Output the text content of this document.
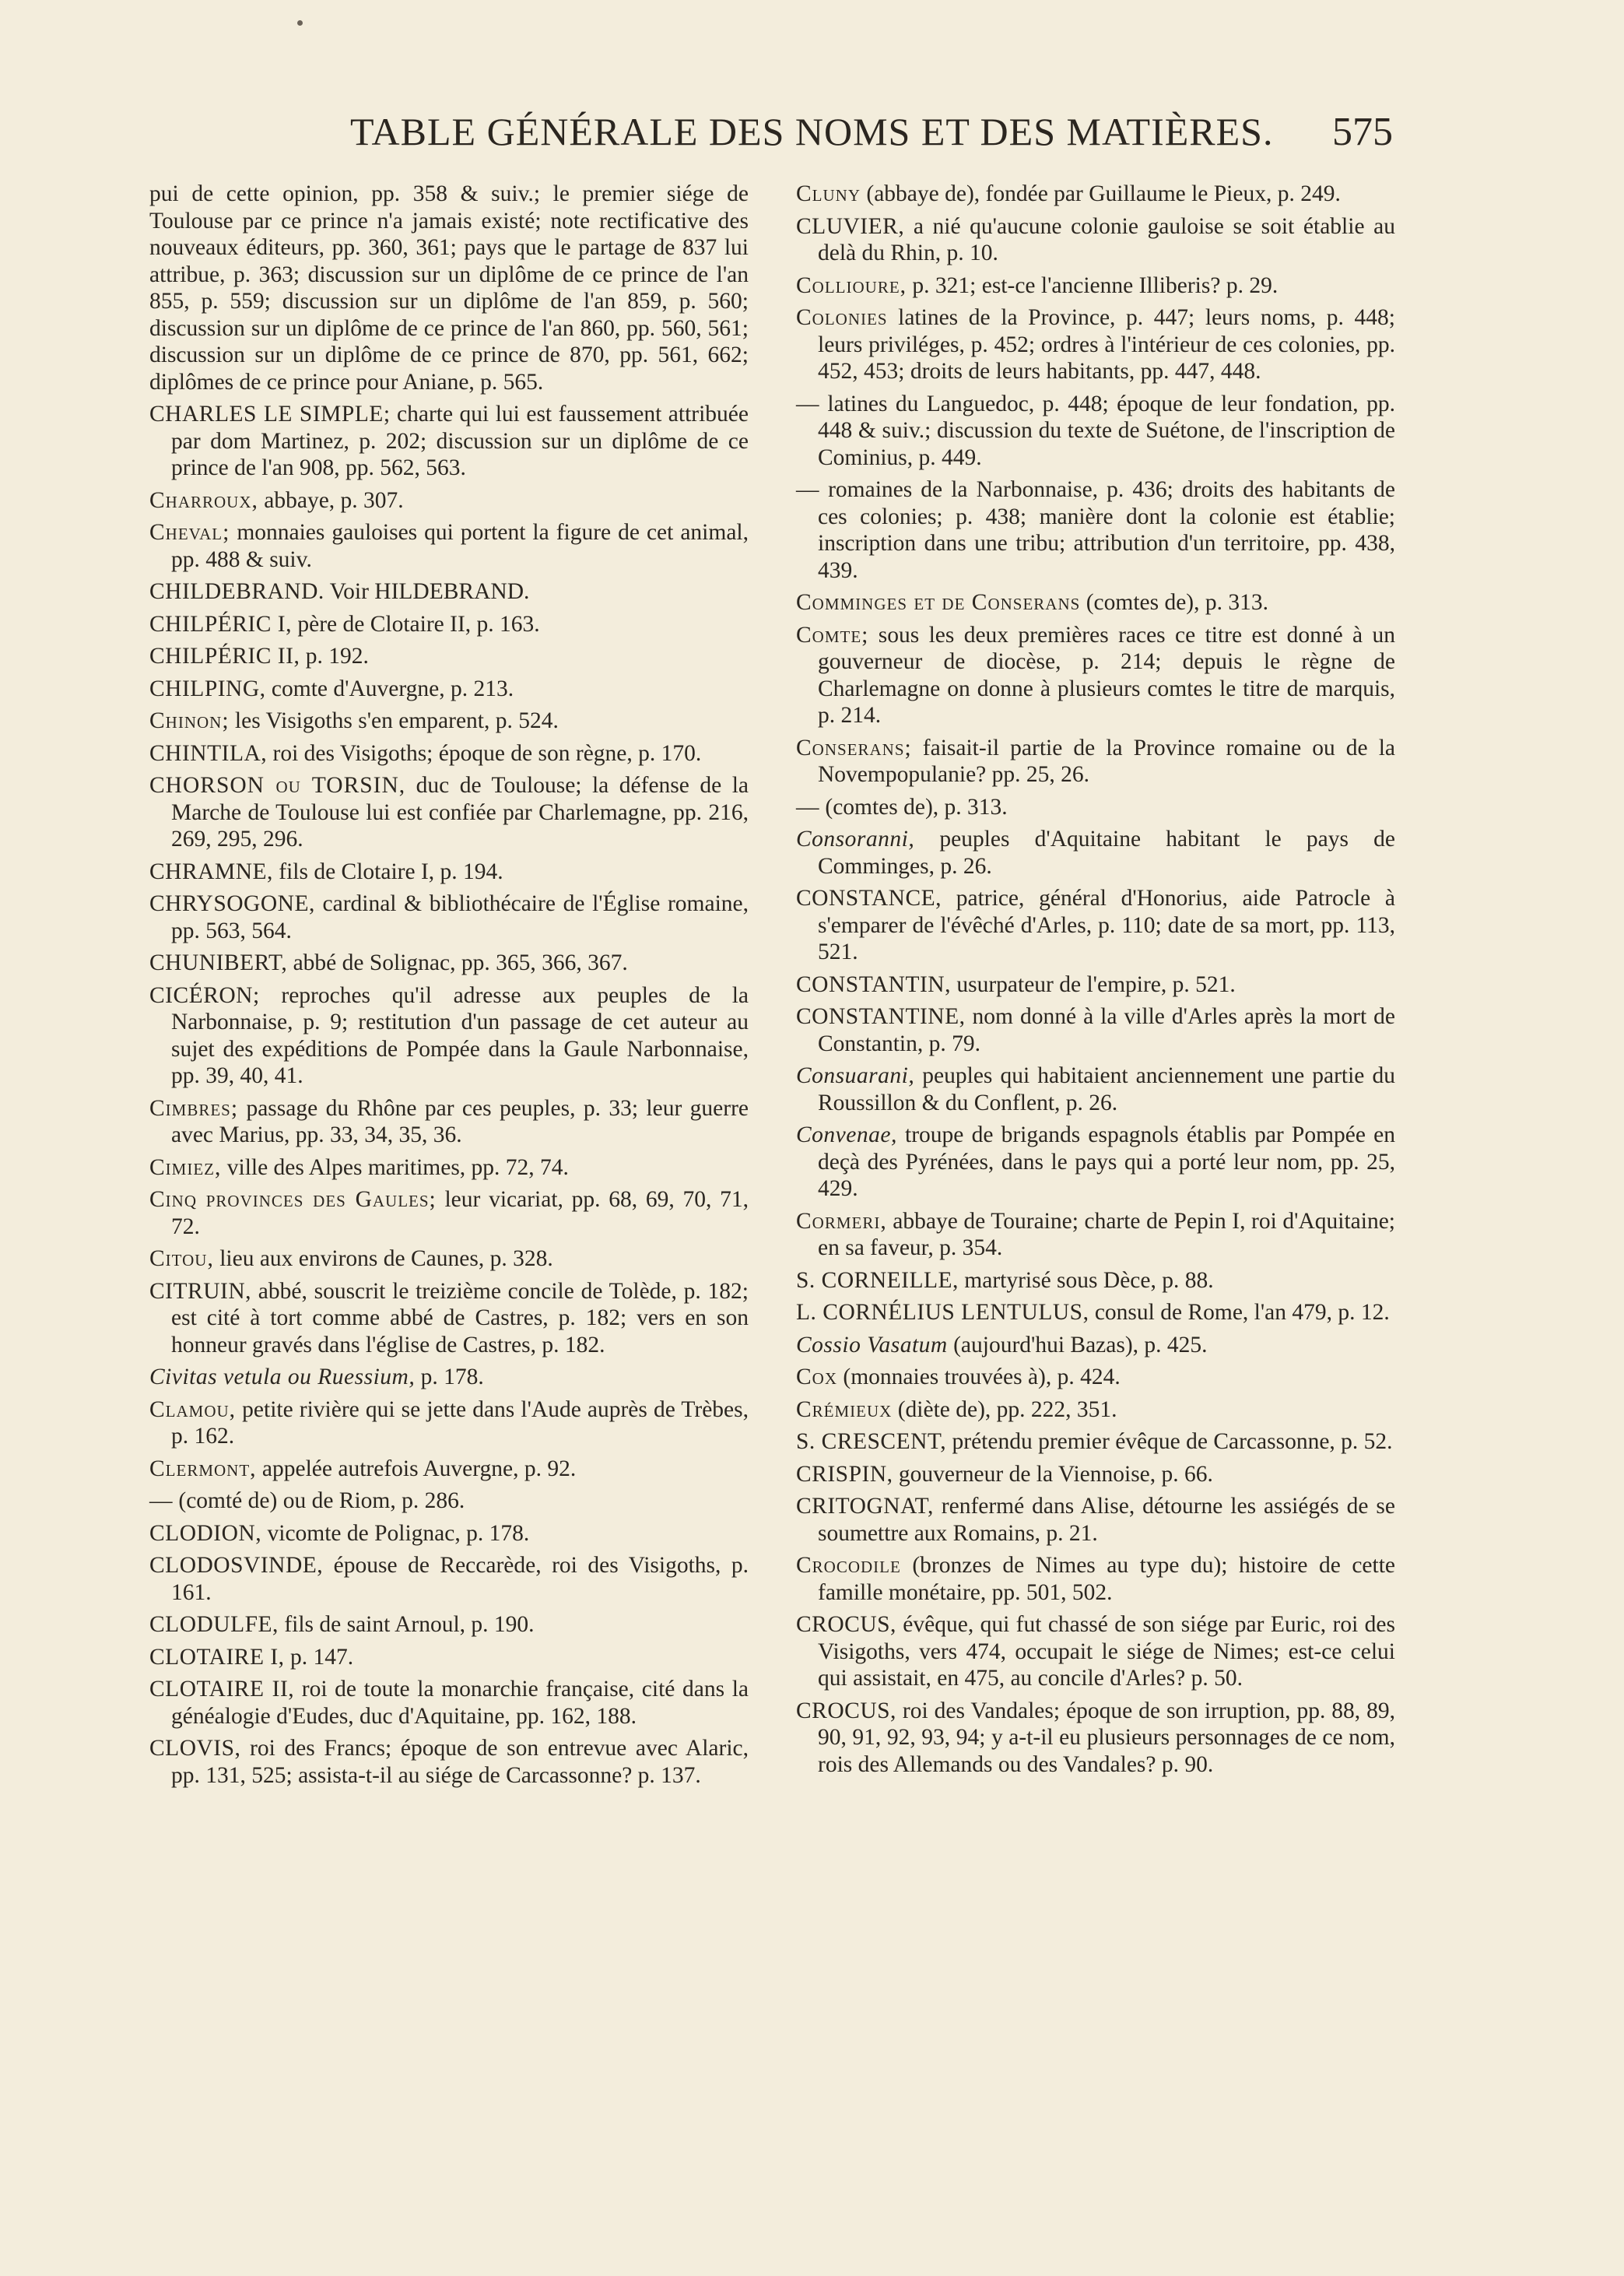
TABLE GÉNÉRALE DES NOMS ET DES MATIÈRES. 575
pui de cette opinion, pp. 358 & suiv.; le premier siége de Toulouse par ce prince n'a jamais existé; note rectificative des nouveaux éditeurs, pp. 360, 361; pays que le partage de 837 lui attribue, p. 363; discussion sur un diplôme de ce prince de l'an 855, p. 559; discussion sur un diplôme de l'an 859, p. 560; discussion sur un diplôme de ce prince de l'an 860, pp. 560, 561; discussion sur un diplôme de ce prince de 870, pp. 561, 662; diplômes de ce prince pour Aniane, p. 565.
CHARLES LE SIMPLE; charte qui lui est faussement attribuée par dom Martinez, p. 202; discussion sur un diplôme de ce prince de l'an 908, pp. 562, 563.
Charroux, abbaye, p. 307.
Cheval; monnaies gauloises qui portent la figure de cet animal, pp. 488 & suiv.
CHILDEBRAND. Voir HILDEBRAND.
CHILPÉRIC I, père de Clotaire II, p. 163.
CHILPÉRIC II, p. 192.
CHILPING, comte d'Auvergne, p. 213.
Chinon; les Visigoths s'en emparent, p. 524.
CHINTILA, roi des Visigoths; époque de son règne, p. 170.
CHORSON ou TORSIN, duc de Toulouse; la défense de la Marche de Toulouse lui est confiée par Charlemagne, pp. 216, 269, 295, 296.
CHRAMNE, fils de Clotaire I, p. 194.
CHRYSOGONE, cardinal & bibliothécaire de l'Église romaine, pp. 563, 564.
CHUNIBERT, abbé de Solignac, pp. 365, 366, 367.
CICÉRON; reproches qu'il adresse aux peuples de la Narbonnaise, p. 9; restitution d'un passage de cet auteur au sujet des expéditions de Pompée dans la Gaule Narbonnaise, pp. 39, 40, 41.
Cimbres; passage du Rhône par ces peuples, p. 33; leur guerre avec Marius, pp. 33, 34, 35, 36.
Cimiez, ville des Alpes maritimes, pp. 72, 74.
Cinq provinces des Gaules; leur vicariat, pp. 68, 69, 70, 71, 72.
Citou, lieu aux environs de Caunes, p. 328.
CITRUIN, abbé, souscrit le treizième concile de Tolède, p. 182; est cité à tort comme abbé de Castres, p. 182; vers en son honneur gravés dans l'église de Castres, p. 182.
Civitas vetula ou Ruessium, p. 178.
Clamou, petite rivière qui se jette dans l'Aude auprès de Trèbes, p. 162.
Clermont, appelée autrefois Auvergne, p. 92.
— (comté de) ou de Riom, p. 286.
CLODION, vicomte de Polignac, p. 178.
CLODOSVINDE, épouse de Reccarède, roi des Visigoths, p. 161.
CLODULFE, fils de saint Arnoul, p. 190.
CLOTAIRE I, p. 147.
CLOTAIRE II, roi de toute la monarchie française, cité dans la généalogie d'Eudes, duc d'Aquitaine, pp. 162, 188.
CLOVIS, roi des Francs; époque de son entrevue avec Alaric, pp. 131, 525; assista-t-il au siége de Carcassonne? p. 137.
Cluny (abbaye de), fondée par Guillaume le Pieux, p. 249.
CLUVIER, a nié qu'aucune colonie gauloise se soit établie au delà du Rhin, p. 10.
Collioure, p. 321; est-ce l'ancienne Illiberis? p. 29.
Colonies latines de la Province, p. 447; leurs noms, p. 448; leurs priviléges, p. 452; ordres à l'intérieur de ces colonies, pp. 452, 453; droits de leurs habitants, pp. 447, 448.
— latines du Languedoc, p. 448; époque de leur fondation, pp. 448 & suiv.; discussion du texte de Suétone, de l'inscription de Cominius, p. 449.
— romaines de la Narbonnaise, p. 436; droits des habitants de ces colonies; p. 438; manière dont la colonie est établie; inscription dans une tribu; attribution d'un territoire, pp. 438, 439.
Comminges et de Conserans (comtes de), p. 313.
Comte; sous les deux premières races ce titre est donné à un gouverneur de diocèse, p. 214; depuis le règne de Charlemagne on donne à plusieurs comtes le titre de marquis, p. 214.
Conserans; faisait-il partie de la Province romaine ou de la Novempopulanie? pp. 25, 26.
— (comtes de), p. 313.
Consoranni, peuples d'Aquitaine habitant le pays de Comminges, p. 26.
CONSTANCE, patrice, général d'Honorius, aide Patrocle à s'emparer de l'évêché d'Arles, p. 110; date de sa mort, pp. 113, 521.
CONSTANTIN, usurpateur de l'empire, p. 521.
CONSTANTINE, nom donné à la ville d'Arles après la mort de Constantin, p. 79.
Consuarani, peuples qui habitaient anciennement une partie du Roussillon & du Conflent, p. 26.
Convenae, troupe de brigands espagnols établis par Pompée en deçà des Pyrénées, dans le pays qui a porté leur nom, pp. 25, 429.
Cormeri, abbaye de Touraine; charte de Pepin I, roi d'Aquitaine; en sa faveur, p. 354.
S. CORNEILLE, martyrisé sous Dèce, p. 88.
L. CORNÉLIUS LENTULUS, consul de Rome, l'an 479, p. 12.
Cossio Vasatum (aujourd'hui Bazas), p. 425.
Cox (monnaies trouvées à), p. 424.
Crémieux (diète de), pp. 222, 351.
S. CRESCENT, prétendu premier évêque de Carcassonne, p. 52.
CRISPIN, gouverneur de la Viennoise, p. 66.
CRITOGNAT, renfermé dans Alise, détourne les assiégés de se soumettre aux Romains, p. 21.
Crocodile (bronzes de Nimes au type du); histoire de cette famille monétaire, pp. 501, 502.
CROCUS, évêque, qui fut chassé de son siége par Euric, roi des Visigoths, vers 474, occupait le siége de Nimes; est-ce celui qui assistait, en 475, au concile d'Arles? p. 50.
CROCUS, roi des Vandales; époque de son irruption, pp. 88, 89, 90, 91, 92, 93, 94; y a-t-il eu plusieurs personnages de ce nom, rois des Allemands ou des Vandales? p. 90.
